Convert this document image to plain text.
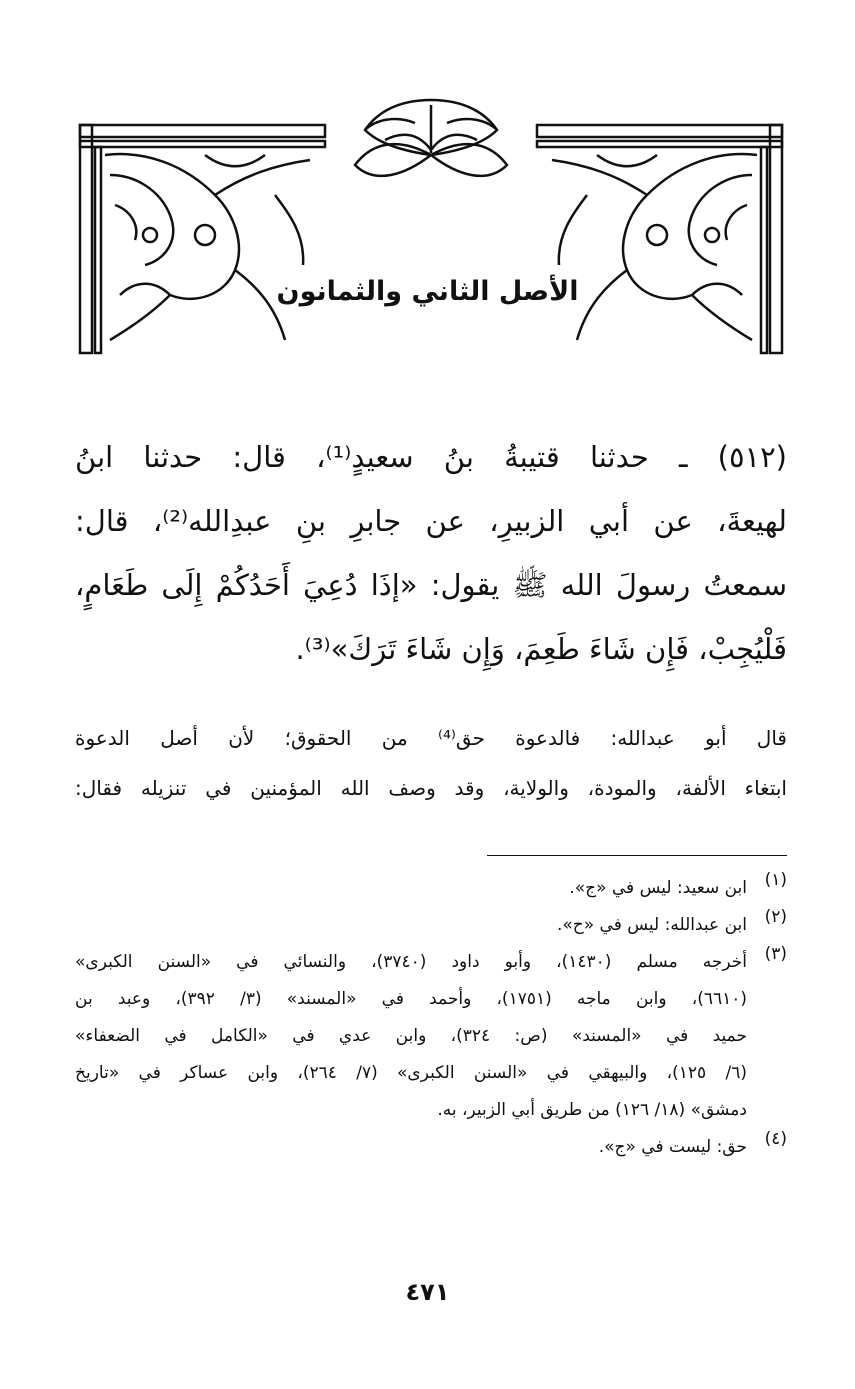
الأصل الثاني والثمانون
(٥١٢) ـ حدثنا قتيبةُ بنُ سعيدٍ⁽¹⁾، قال: حدثنا ابنُ
لهيعةَ، عن أبي الزبيرِ، عن جابرِ بنِ عبدِالله⁽²⁾، قال:
سمعتُ رسولَ الله ﷺ يقول: «إذَا دُعِيَ أَحَدُكُمْ إِلَى طَعَامٍ،
فَلْيُجِبْ، فَإِن شَاءَ طَعِمَ، وَإِن شَاءَ تَرَكَ»⁽³⁾.
قال أبو عبدالله: فالدعوة حق⁽⁴⁾ من الحقوق؛ لأن أصل الدعوة
ابتغاء الألفة، والمودة، والولاية، وقد وصف الله المؤمنين في تنزيله فقال:
(١)
ابن سعيد: ليس في «ج».
(٢)
ابن عبدالله: ليس في «ح».
(٣)
أخرجه مسلم (١٤٣٠)، وأبو داود (٣٧٤٠)، والنسائي في «السنن الكبرى»
(٦٦١٠)، وابن ماجه (١٧٥١)، وأحمد في «المسند» (٣/ ٣٩٢)، وعبد بن
حميد في «المسند» (ص: ٣٢٤)، وابن عدي في «الكامل في الضعفاء»
(٦/ ١٢٥)، والبيهقي في «السنن الكبرى» (٧/ ٢٦٤)، وابن عساكر في «تاريخ
دمشق» (١٨/ ١٢٦) من طريق أبي الزبير، به.
(٤)
حق: ليست في «ج».
٤٧١
